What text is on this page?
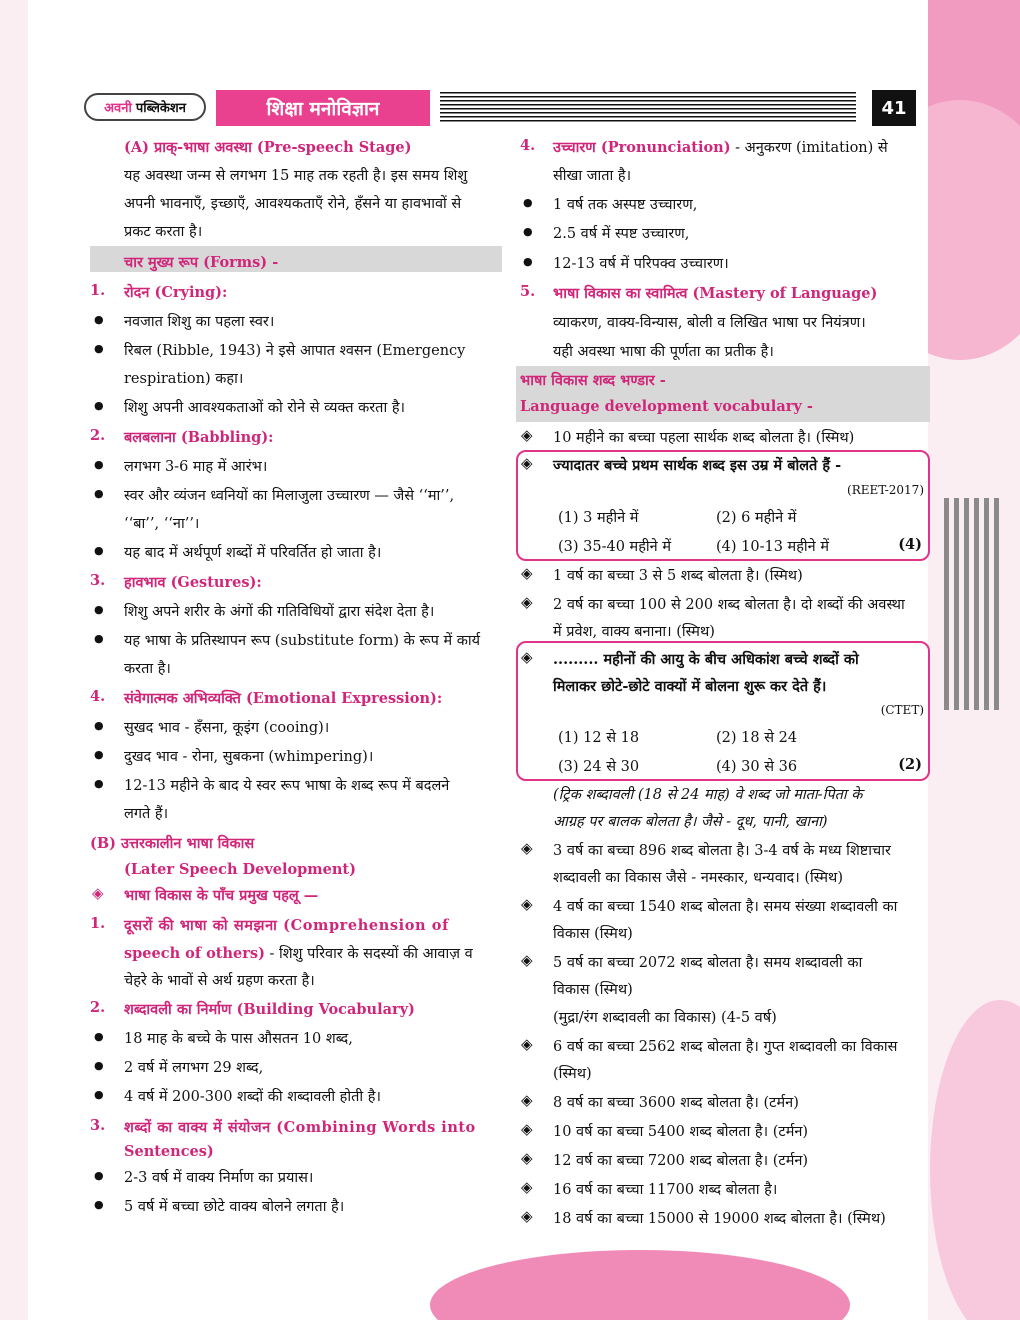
अवनी पब्लिकेशन	शिक्षा मनोविज्ञान	41
(A) प्राक्-भाषा अवस्था (Pre-speech Stage)
यह अवस्था जन्म से लगभग 15 माह तक रहती है। इस समय शिशु
अपनी भावनाएँ, इच्छाएँ, आवश्यकताएँ रोने, हँसने या हावभावों से
प्रकट करता है।
चार मुख्य रूप (Forms) -
1. रोदन (Crying):
● नवजात शिशु का पहला स्वर।
● रिबल (Ribble, 1943) ने इसे आपात श्वसन (Emergency
respiration) कहा।
● शिशु अपनी आवश्यकताओं को रोने से व्यक्त करता है।
2. बलबलाना (Babbling):
● लगभग 3-6 माह में आरंभ।
● स्वर और व्यंजन ध्वनियों का मिलाजुला उच्चारण — जैसे ‘‘मा’’,
‘‘बा’’, ‘‘ना’’।
● यह बाद में अर्थपूर्ण शब्दों में परिवर्तित हो जाता है।
3. हावभाव (Gestures):
● शिशु अपने शरीर के अंगों की गतिविधियों द्वारा संदेश देता है।
● यह भाषा के प्रतिस्थापन रूप (substitute form) के रूप में कार्य
करता है।
4. संवेगात्मक अभिव्यक्ति (Emotional Expression):
● सुखद भाव - हँसना, कूइंग (cooing)।
● दुखद भाव - रोना, सुबकना (whimpering)।
● 12-13 महीने के बाद ये स्वर रूप भाषा के शब्द रूप में बदलने
लगते हैं।
(B) उत्तरकालीन भाषा विकास
(Later Speech Development)
◈ भाषा विकास के पाँच प्रमुख पहलू —
1. दूसरों की भाषा को समझना (Comprehension of
speech of others) - शिशु परिवार के सदस्यों की आवाज़ व
चेहरे के भावों से अर्थ ग्रहण करता है।
2. शब्दावली का निर्माण (Building Vocabulary)
● 18 माह के बच्चे के पास औसतन 10 शब्द,
● 2 वर्ष में लगभग 29 शब्द,
● 4 वर्ष में 200-300 शब्दों की शब्दावली होती है।
3. शब्दों का वाक्य में संयोजन (Combining Words into
Sentences)
● 2-3 वर्ष में वाक्य निर्माण का प्रयास।
● 5 वर्ष में बच्चा छोटे वाक्य बोलने लगता है।
4. उच्चारण (Pronunciation) - अनुकरण (imitation) से
सीखा जाता है।
● 1 वर्ष तक अस्पष्ट उच्चारण,
● 2.5 वर्ष में स्पष्ट उच्चारण,
● 12-13 वर्ष में परिपक्व उच्चारण।
5. भाषा विकास का स्वामित्व (Mastery of Language)
व्याकरण, वाक्य-विन्यास, बोली व लिखित भाषा पर नियंत्रण।
यही अवस्था भाषा की पूर्णता का प्रतीक है।
भाषा विकास शब्द भण्डार -
Language development vocabulary -
◈ 10 महीने का बच्चा पहला सार्थक शब्द बोलता है। (स्मिथ)
◈ ज्यादातर बच्चे प्रथम सार्थक शब्द इस उम्र में बोलते हैं -
(REET-2017)
(1) 3 महीने में	(2) 6 महीने में
(3) 35-40 महीने में	(4) 10-13 महीने में	(4)
◈ 1 वर्ष का बच्चा 3 से 5 शब्द बोलता है। (स्मिथ)
◈ 2 वर्ष का बच्चा 100 से 200 शब्द बोलता है। दो शब्दों की अवस्था
में प्रवेश, वाक्य बनाना। (स्मिथ)
◈ ......... महीनों की आयु के बीच अधिकांश बच्चे शब्दों को
मिलाकर छोटे-छोटे वाक्यों में बोलना शुरू कर देते हैं।
(CTET)
(1) 12 से 18	(2) 18 से 24
(3) 24 से 30	(4) 30 से 36	(2)
(ट्रिक शब्दावली (18 से 24 माह) वे शब्द जो माता-पिता के
आग्रह पर बालक बोलता है। जैसे - दूध, पानी, खाना)
◈ 3 वर्ष का बच्चा 896 शब्द बोलता है। 3-4 वर्ष के मध्य शिष्टाचार
शब्दावली का विकास जैसे - नमस्कार, धन्यवाद। (स्मिथ)
◈ 4 वर्ष का बच्चा 1540 शब्द बोलता है। समय संख्या शब्दावली का
विकास (स्मिथ)
◈ 5 वर्ष का बच्चा 2072 शब्द बोलता है। समय शब्दावली का
विकास (स्मिथ)
(मुद्रा/रंग शब्दावली का विकास) (4-5 वर्ष)
◈ 6 वर्ष का बच्चा 2562 शब्द बोलता है। गुप्त शब्दावली का विकास
(स्मिथ)
◈ 8 वर्ष का बच्चा 3600 शब्द बोलता है। (टर्मन)
◈ 10 वर्ष का बच्चा 5400 शब्द बोलता है। (टर्मन)
◈ 12 वर्ष का बच्चा 7200 शब्द बोलता है। (टर्मन)
◈ 16 वर्ष का बच्चा 11700 शब्द बोलता है।
◈ 18 वर्ष का बच्चा 15000 से 19000 शब्द बोलता है। (स्मिथ)
